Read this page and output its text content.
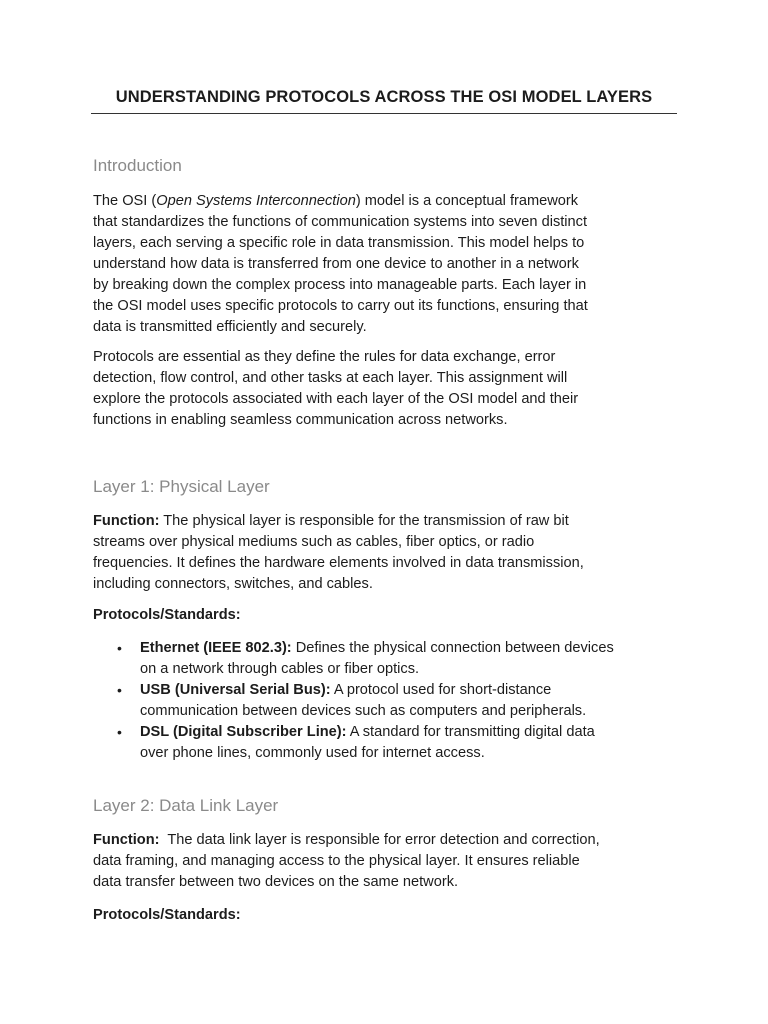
UNDERSTANDING PROTOCOLS ACROSS THE OSI MODEL LAYERS
Introduction
The OSI (Open Systems Interconnection) model is a conceptual framework
that standardizes the functions of communication systems into seven distinct
layers, each serving a specific role in data transmission. This model helps to
understand how data is transferred from one device to another in a network
by breaking down the complex process into manageable parts. Each layer in
the OSI model uses specific protocols to carry out its functions, ensuring that
data is transmitted efficiently and securely.
Protocols are essential as they define the rules for data exchange, error
detection, flow control, and other tasks at each layer. This assignment will
explore the protocols associated with each layer of the OSI model and their
functions in enabling seamless communication across networks.
Layer 1: Physical Layer
Function: The physical layer is responsible for the transmission of raw bit
streams over physical mediums such as cables, fiber optics, or radio
frequencies. It defines the hardware elements involved in data transmission,
including connectors, switches, and cables.
Protocols/Standards:
• Ethernet (IEEE 802.3): Defines the physical connection between devices
on a network through cables or fiber optics.
• USB (Universal Serial Bus): A protocol used for short-distance
communication between devices such as computers and peripherals.
• DSL (Digital Subscriber Line): A standard for transmitting digital data
over phone lines, commonly used for internet access.
Layer 2: Data Link Layer
Function:  The data link layer is responsible for error detection and correction,
data framing, and managing access to the physical layer. It ensures reliable
data transfer between two devices on the same network.
Protocols/Standards:
